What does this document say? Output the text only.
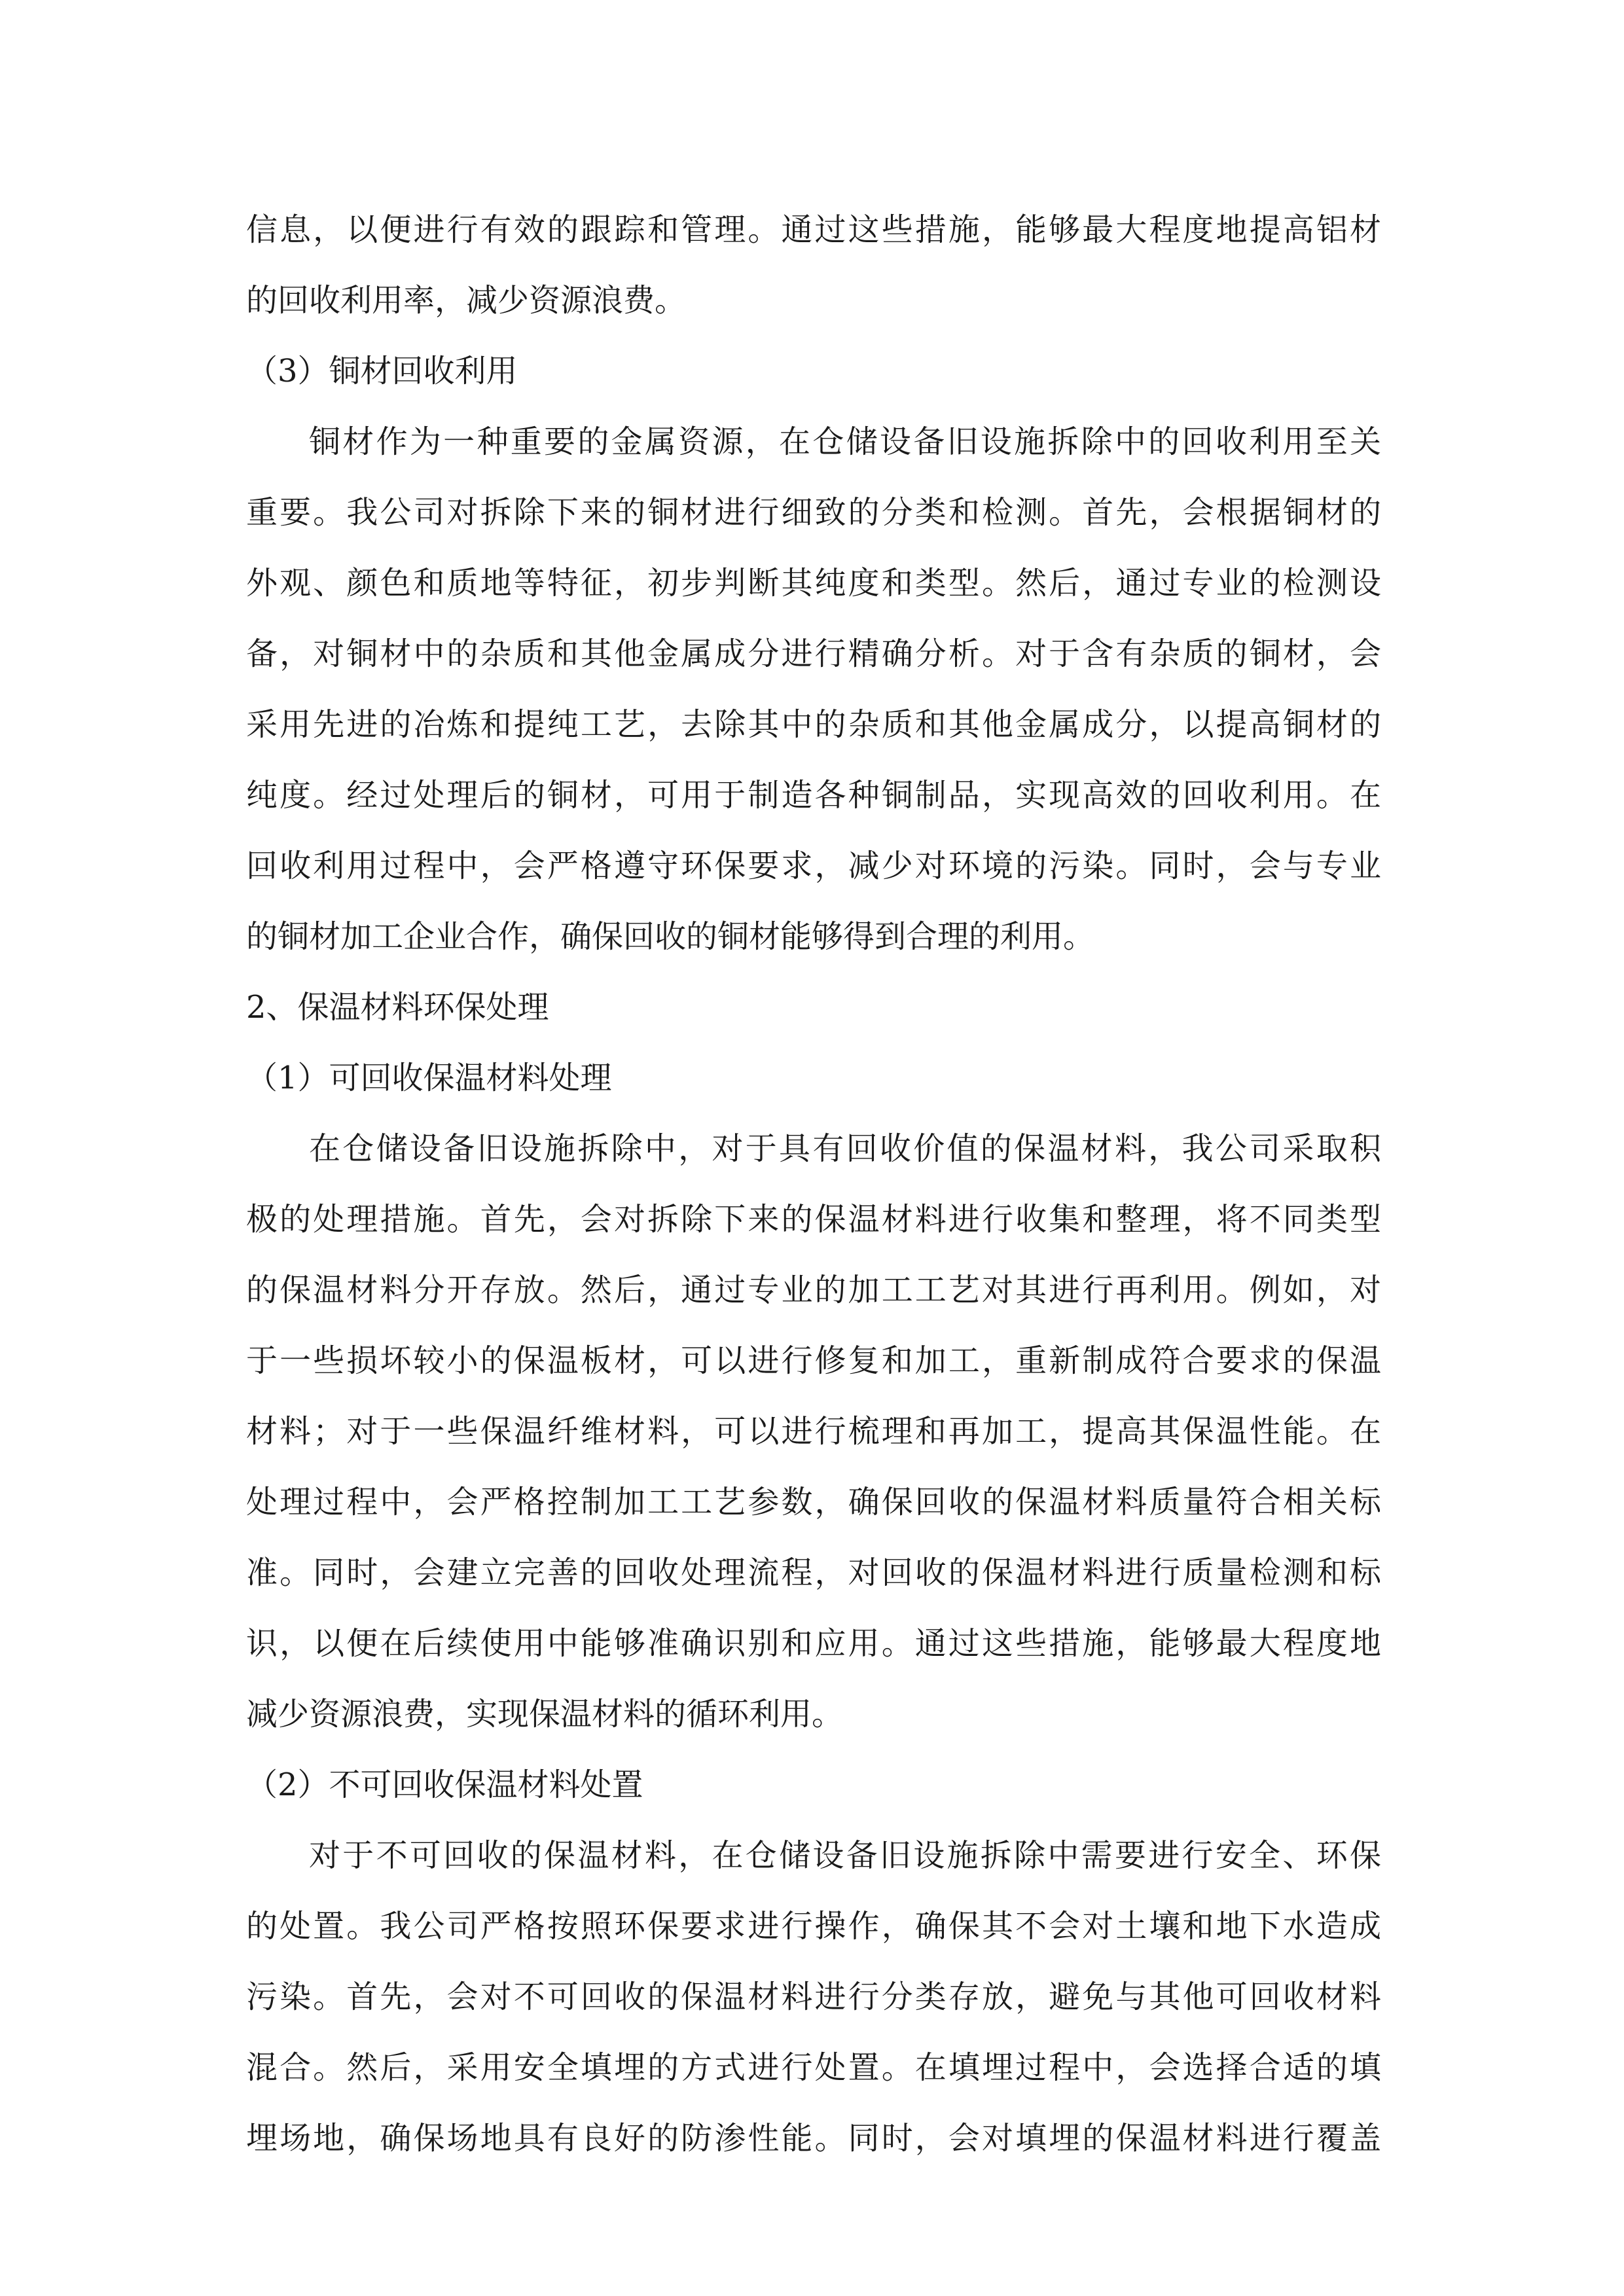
信息，以便进行有效的跟踪和管理。通过这些措施，能够最大程度地提高铝材
的回收利用率，减少资源浪费。
（3）铜材回收利用
铜材作为一种重要的金属资源，在仓储设备旧设施拆除中的回收利用至关
重要。我公司对拆除下来的铜材进行细致的分类和检测。首先，会根据铜材的
外观、颜色和质地等特征，初步判断其纯度和类型。然后，通过专业的检测设
备，对铜材中的杂质和其他金属成分进行精确分析。对于含有杂质的铜材，会
采用先进的冶炼和提纯工艺，去除其中的杂质和其他金属成分，以提高铜材的
纯度。经过处理后的铜材，可用于制造各种铜制品，实现高效的回收利用。在
回收利用过程中，会严格遵守环保要求，减少对环境的污染。同时，会与专业
的铜材加工企业合作，确保回收的铜材能够得到合理的利用。
2、保温材料环保处理
（1）可回收保温材料处理
在仓储设备旧设施拆除中，对于具有回收价值的保温材料，我公司采取积
极的处理措施。首先，会对拆除下来的保温材料进行收集和整理，将不同类型
的保温材料分开存放。然后，通过专业的加工工艺对其进行再利用。例如，对
于一些损坏较小的保温板材，可以进行修复和加工，重新制成符合要求的保温
材料；对于一些保温纤维材料，可以进行梳理和再加工，提高其保温性能。在
处理过程中，会严格控制加工工艺参数，确保回收的保温材料质量符合相关标
准。同时，会建立完善的回收处理流程，对回收的保温材料进行质量检测和标
识，以便在后续使用中能够准确识别和应用。通过这些措施，能够最大程度地
减少资源浪费，实现保温材料的循环利用。
（2）不可回收保温材料处置
对于不可回收的保温材料，在仓储设备旧设施拆除中需要进行安全、环保
的处置。我公司严格按照环保要求进行操作，确保其不会对土壤和地下水造成
污染。首先，会对不可回收的保温材料进行分类存放，避免与其他可回收材料
混合。然后，采用安全填埋的方式进行处置。在填埋过程中，会选择合适的填
埋场地，确保场地具有良好的防渗性能。同时，会对填埋的保温材料进行覆盖
